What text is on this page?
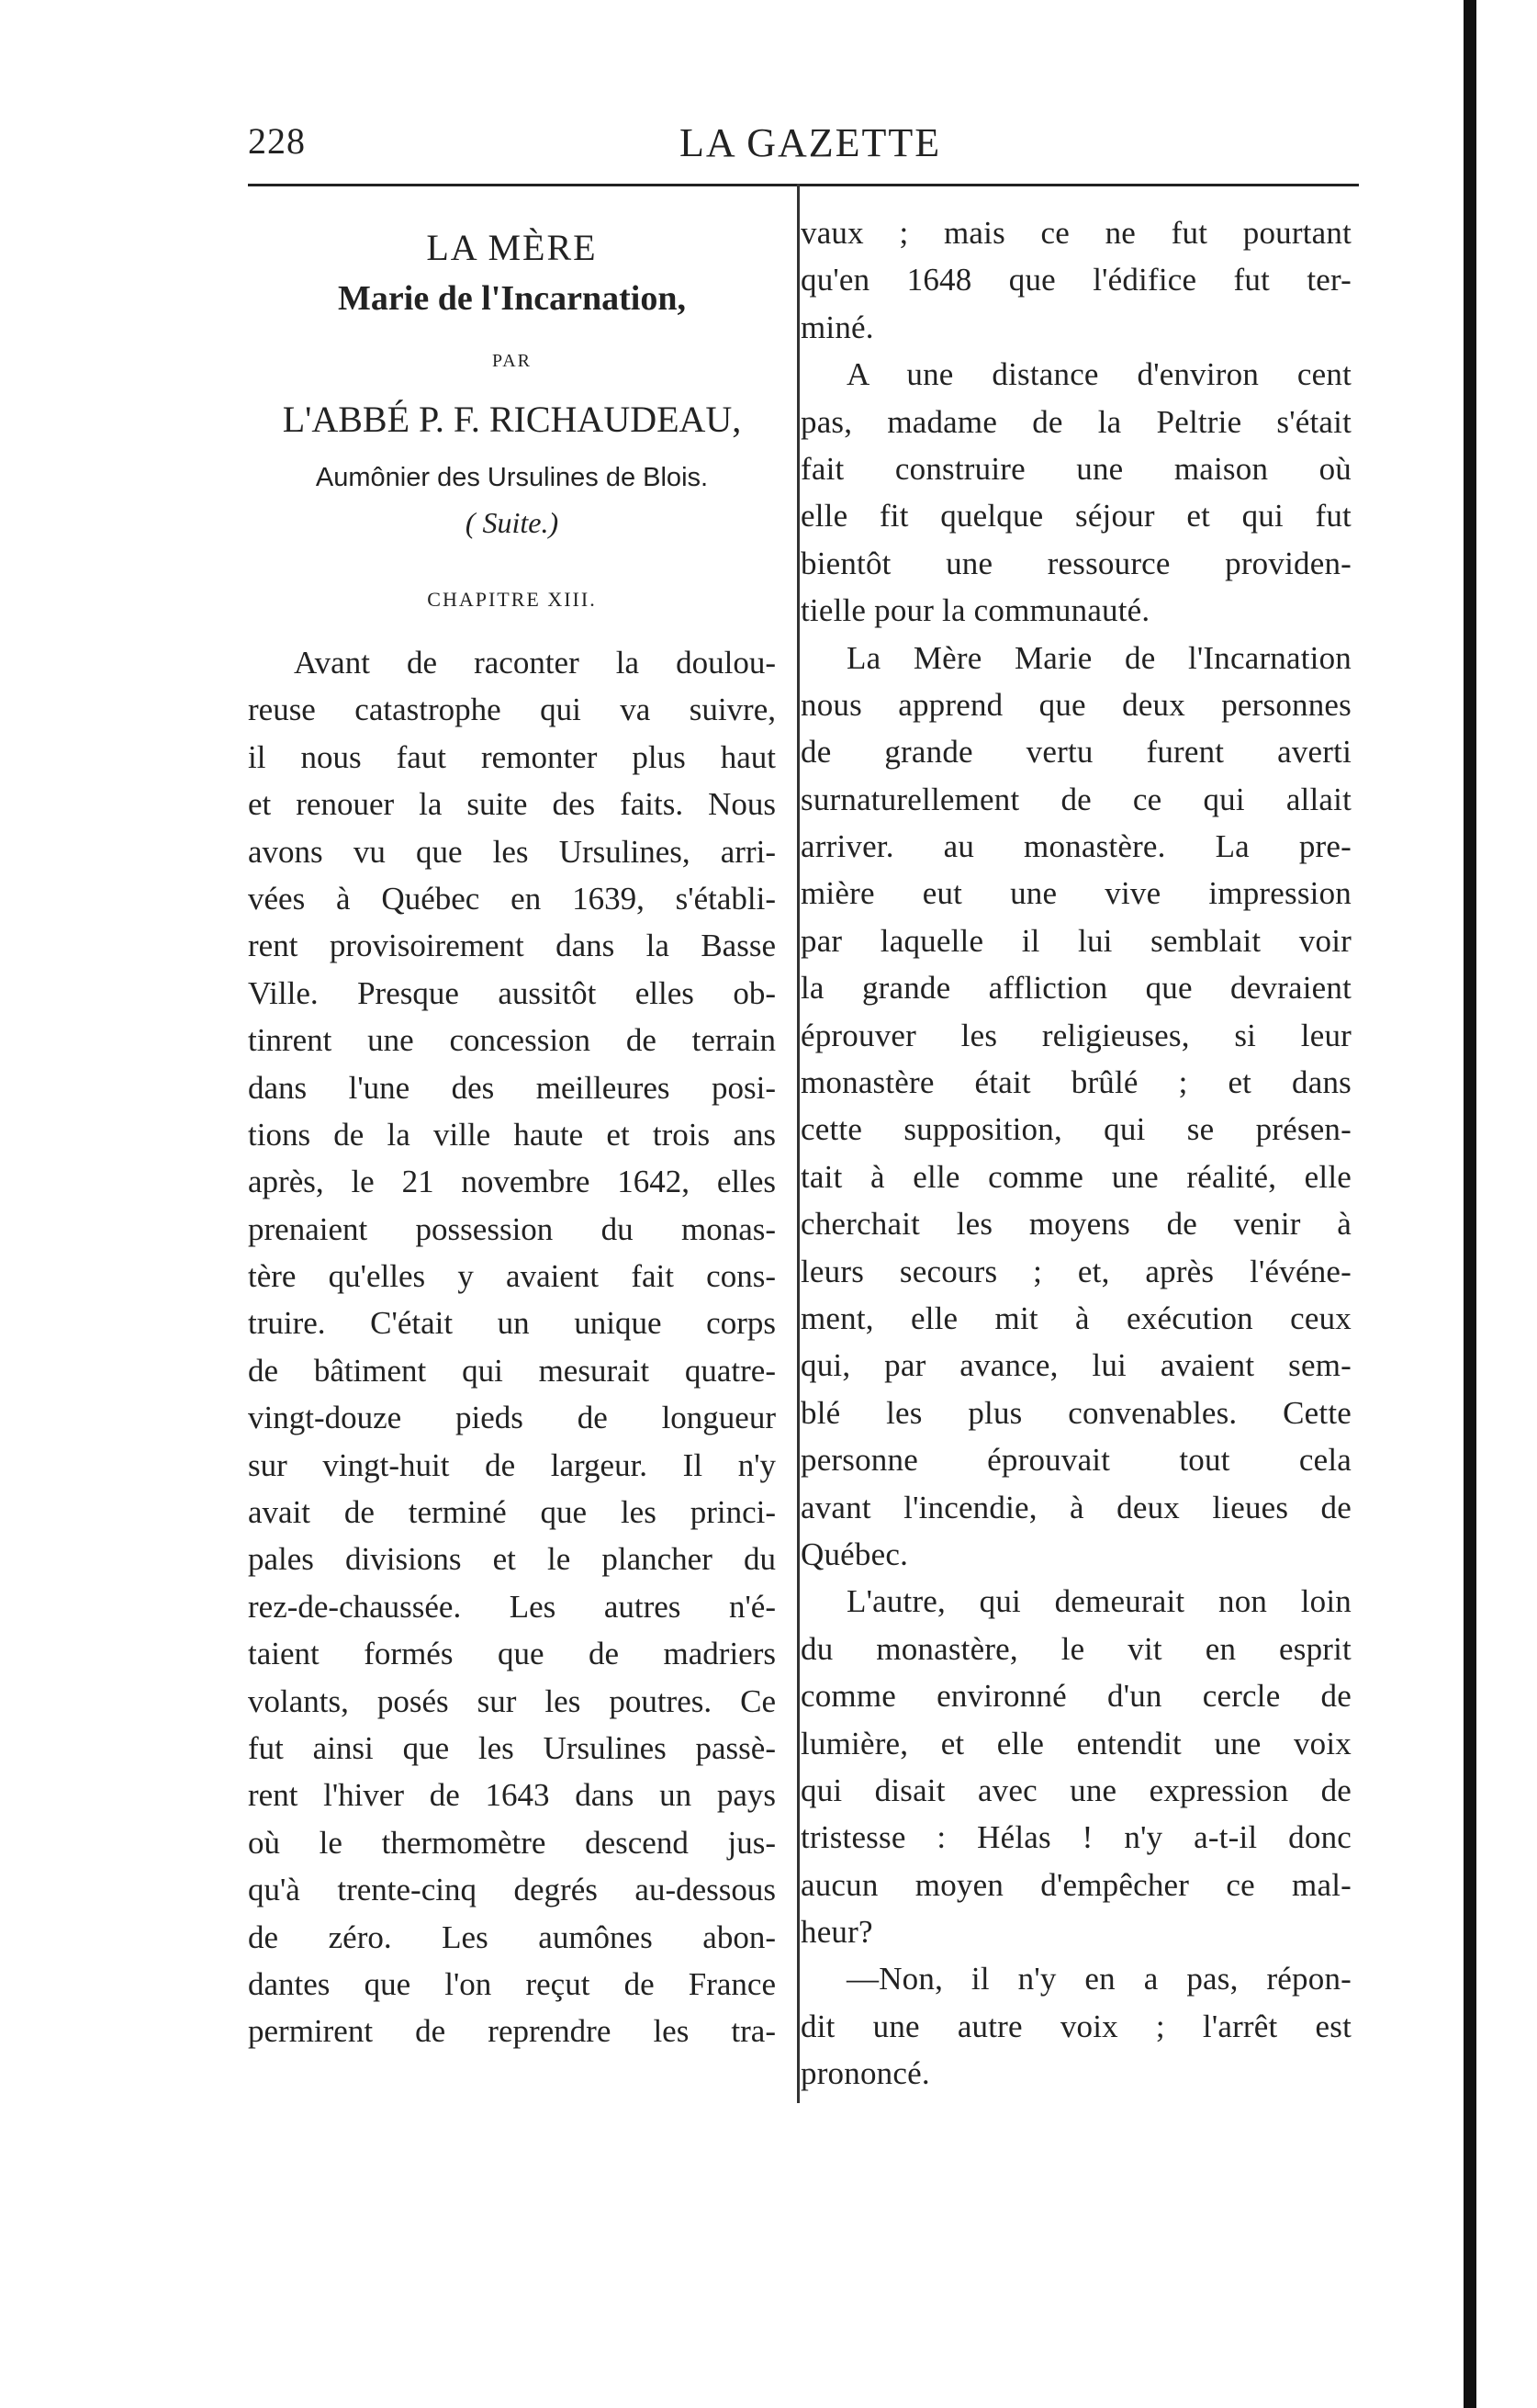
228	LA GAZETTE
LA MÈRE
Marie de l'Incarnation,
PAR
L'ABBÉ P. F. RICHAUDEAU,
Aumônier des Ursulines de Blois.
( Suite.)
CHAPITRE XIII.
Avant de raconter la doulou-
reuse catastrophe qui va suivre,
il nous faut remonter plus haut
et renouer la suite des faits. Nous
avons vu que les Ursulines, arri-
vées à Québec en 1639, s'établi-
rent provisoirement dans la Basse
Ville. Presque aussitôt elles ob-
tinrent une concession de terrain
dans l'une des meilleures posi-
tions de la ville haute et trois ans
après, le 21 novembre 1642, elles
prenaient possession du monas-
tère qu'elles y avaient fait cons-
truire. C'était un unique corps
de bâtiment qui mesurait quatre-
vingt-douze pieds de longueur
sur vingt-huit de largeur. Il n'y
avait de terminé que les princi-
pales divisions et le plancher du
rez-de-chaussée. Les autres n'é-
taient formés que de madriers
volants, posés sur les poutres. Ce
fut ainsi que les Ursulines passè-
rent l'hiver de 1643 dans un pays
où le thermomètre descend jus-
qu'à trente-cinq degrés au-dessous
de zéro. Les aumônes abon-
dantes que l'on reçut de France
permirent de reprendre les tra-
vaux ; mais ce ne fut pourtant
qu'en 1648 que l'édifice fut ter-
miné.
A une distance d'environ cent
pas, madame de la Peltrie s'était
fait construire une maison où
elle fit quelque séjour et qui fut
bientôt une ressource providen-
tielle pour la communauté.
La Mère Marie de l'Incarnation
nous apprend que deux personnes
de grande vertu furent averti
surnaturellement de ce qui allait
arriver. au monastère. La pre-
mière eut une vive impression
par laquelle il lui semblait voir
la grande affliction que devraient
éprouver les religieuses, si leur
monastère était brûlé ; et dans
cette supposition, qui se présen-
tait à elle comme une réalité, elle
cherchait les moyens de venir à
leurs secours ; et, après l'événe-
ment, elle mit à exécution ceux
qui, par avance, lui avaient sem-
blé les plus convenables. Cette
personne éprouvait tout cela
avant l'incendie, à deux lieues de
Québec.
L'autre, qui demeurait non loin
du monastère, le vit en esprit
comme environné d'un cercle de
lumière, et elle entendit une voix
qui disait avec une expression de
tristesse : Hélas ! n'y a-t-il donc
aucun moyen d'empêcher ce mal-
heur?
—Non, il n'y en a pas, répon-
dit une autre voix ; l'arrêt est
prononcé.
